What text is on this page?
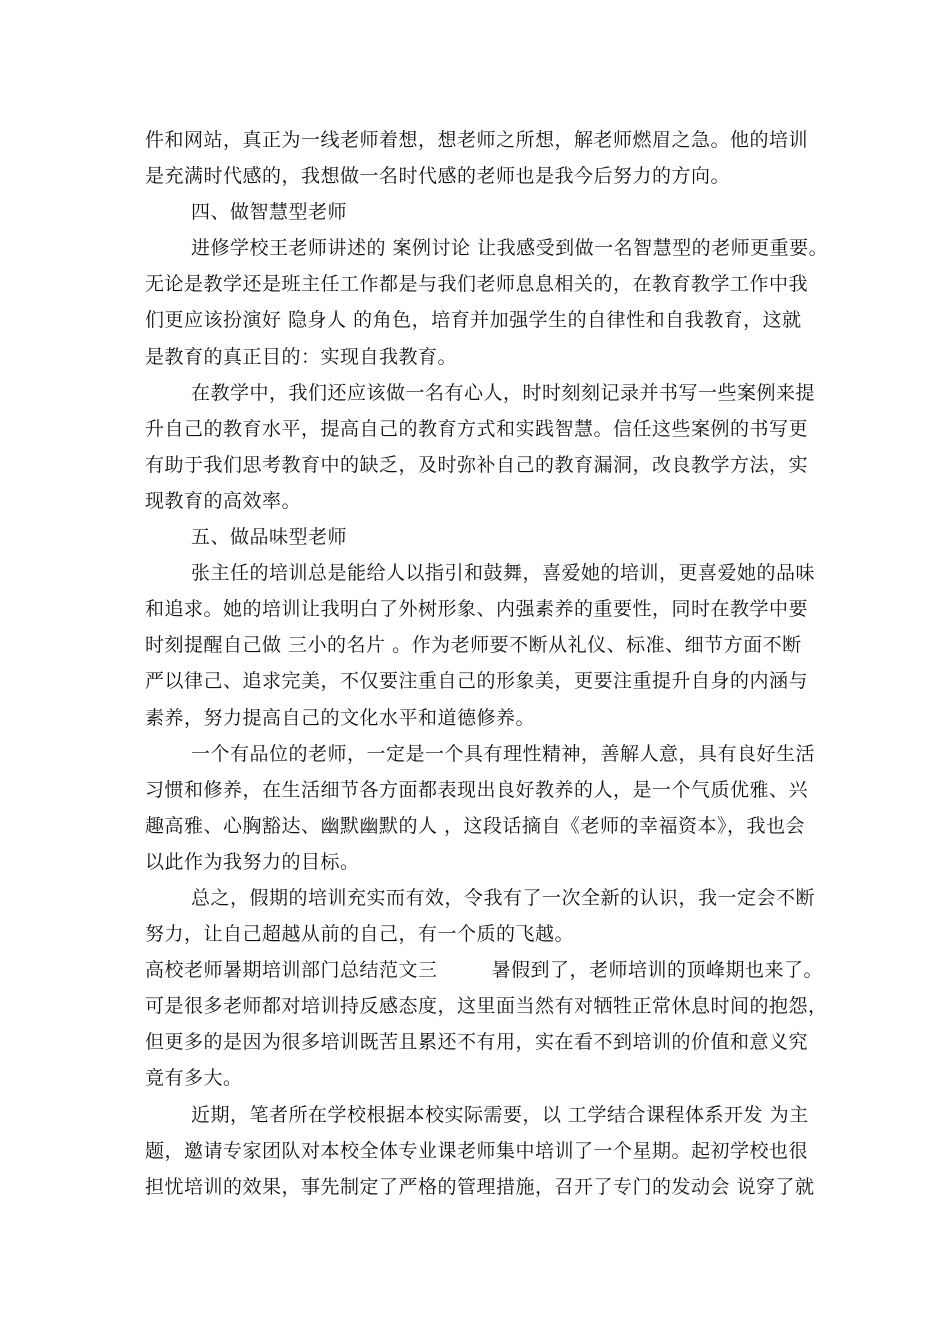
件和网站，真正为一线老师着想，想老师之所想，解老师燃眉之急。他的培训
是充满时代感的，我想做一名时代感的老师也是我今后努力的方向。
四、做智慧型老师
进修学校王老师讲述的 案例讨论 让我感受到做一名智慧型的老师更重要。
无论是教学还是班主任工作都是与我们老师息息相关的，在教育教学工作中我
们更应该扮演好 隐身人 的角色，培育并加强学生的自律性和自我教育，这就
是教育的真正目的：实现自我教育。
在教学中，我们还应该做一名有心人，时时刻刻记录并书写一些案例来提
升自己的教育水平，提高自己的教育方式和实践智慧。信任这些案例的书写更
有助于我们思考教育中的缺乏，及时弥补自己的教育漏洞，改良教学方法，实
现教育的高效率。
五、做品味型老师
张主任的培训总是能给人以指引和鼓舞，喜爱她的培训，更喜爱她的品味
和追求。她的培训让我明白了外树形象、内强素养的重要性，同时在教学中要
时刻提醒自己做 三小的名片 。作为老师要不断从礼仪、标准、细节方面不断
严以律己、追求完美，不仅要注重自己的形象美，更要注重提升自身的内涵与
素养，努力提高自己的文化水平和道德修养。
一个有品位的老师，一定是一个具有理性精神，善解人意，具有良好生活
习惯和修养，在生活细节各方面都表现出良好教养的人，是一个气质优雅、兴
趣高雅、心胸豁达、幽默幽默的人 ，这段话摘自《老师的幸福资本》，我也会
以此作为我努力的目标。
总之，假期的培训充实而有效，令我有了一次全新的认识，我一定会不断
努力，让自己超越从前的自己，有一个质的飞越。
高校老师暑期培训部门总结范文三	暑假到了，老师培训的顶峰期也来了。
可是很多老师都对培训持反感态度，这里面当然有对牺牲正常休息时间的抱怨，
但更多的是因为很多培训既苦且累还不有用，实在看不到培训的价值和意义究
竟有多大。
近期，笔者所在学校根据本校实际需要，以 工学结合课程体系开发 为主
题，邀请专家团队对本校全体专业课老师集中培训了一个星期。起初学校也很
担忧培训的效果，事先制定了严格的管理措施，召开了专门的发动会 说穿了就
